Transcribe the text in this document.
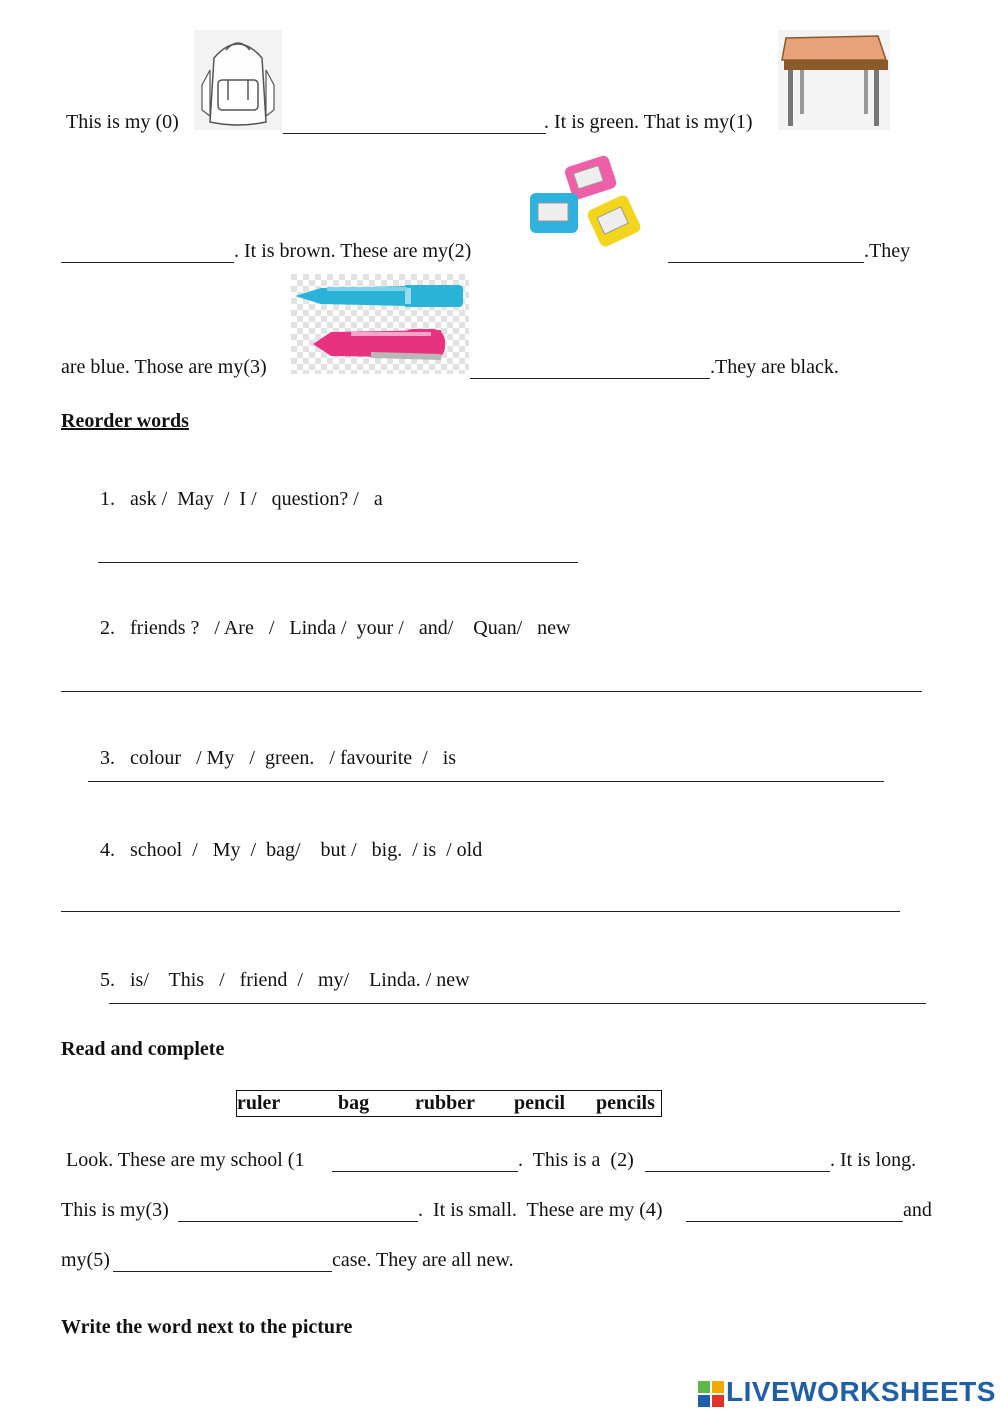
This is my (0)	. It is green. That is my(1)
. It is brown. These are my(2)	.They
are blue. Those are my(3)	.They are black.
Reorder words

1. ask /  May  /  I /   question? /   a

2. friends ?   / Are   /   Linda /  your /   and/    Quan/   new

3. colour   / My   /  green.   / favourite  /   is

4. school  /   My  /  bag/    but /   big.  / is  / old

5. is/    This   /   friend  /   my/    Linda. / new

Read and complete
ruler	bag rubber pencil pencils
Look. These are my school (1	.  This is a  (2)	. It is long.
This is my(3)	.  It is small.  These are my (4)	and
my(5)	case. They are all new.
Write the word next to the picture
LIVEWORKSHEETS
